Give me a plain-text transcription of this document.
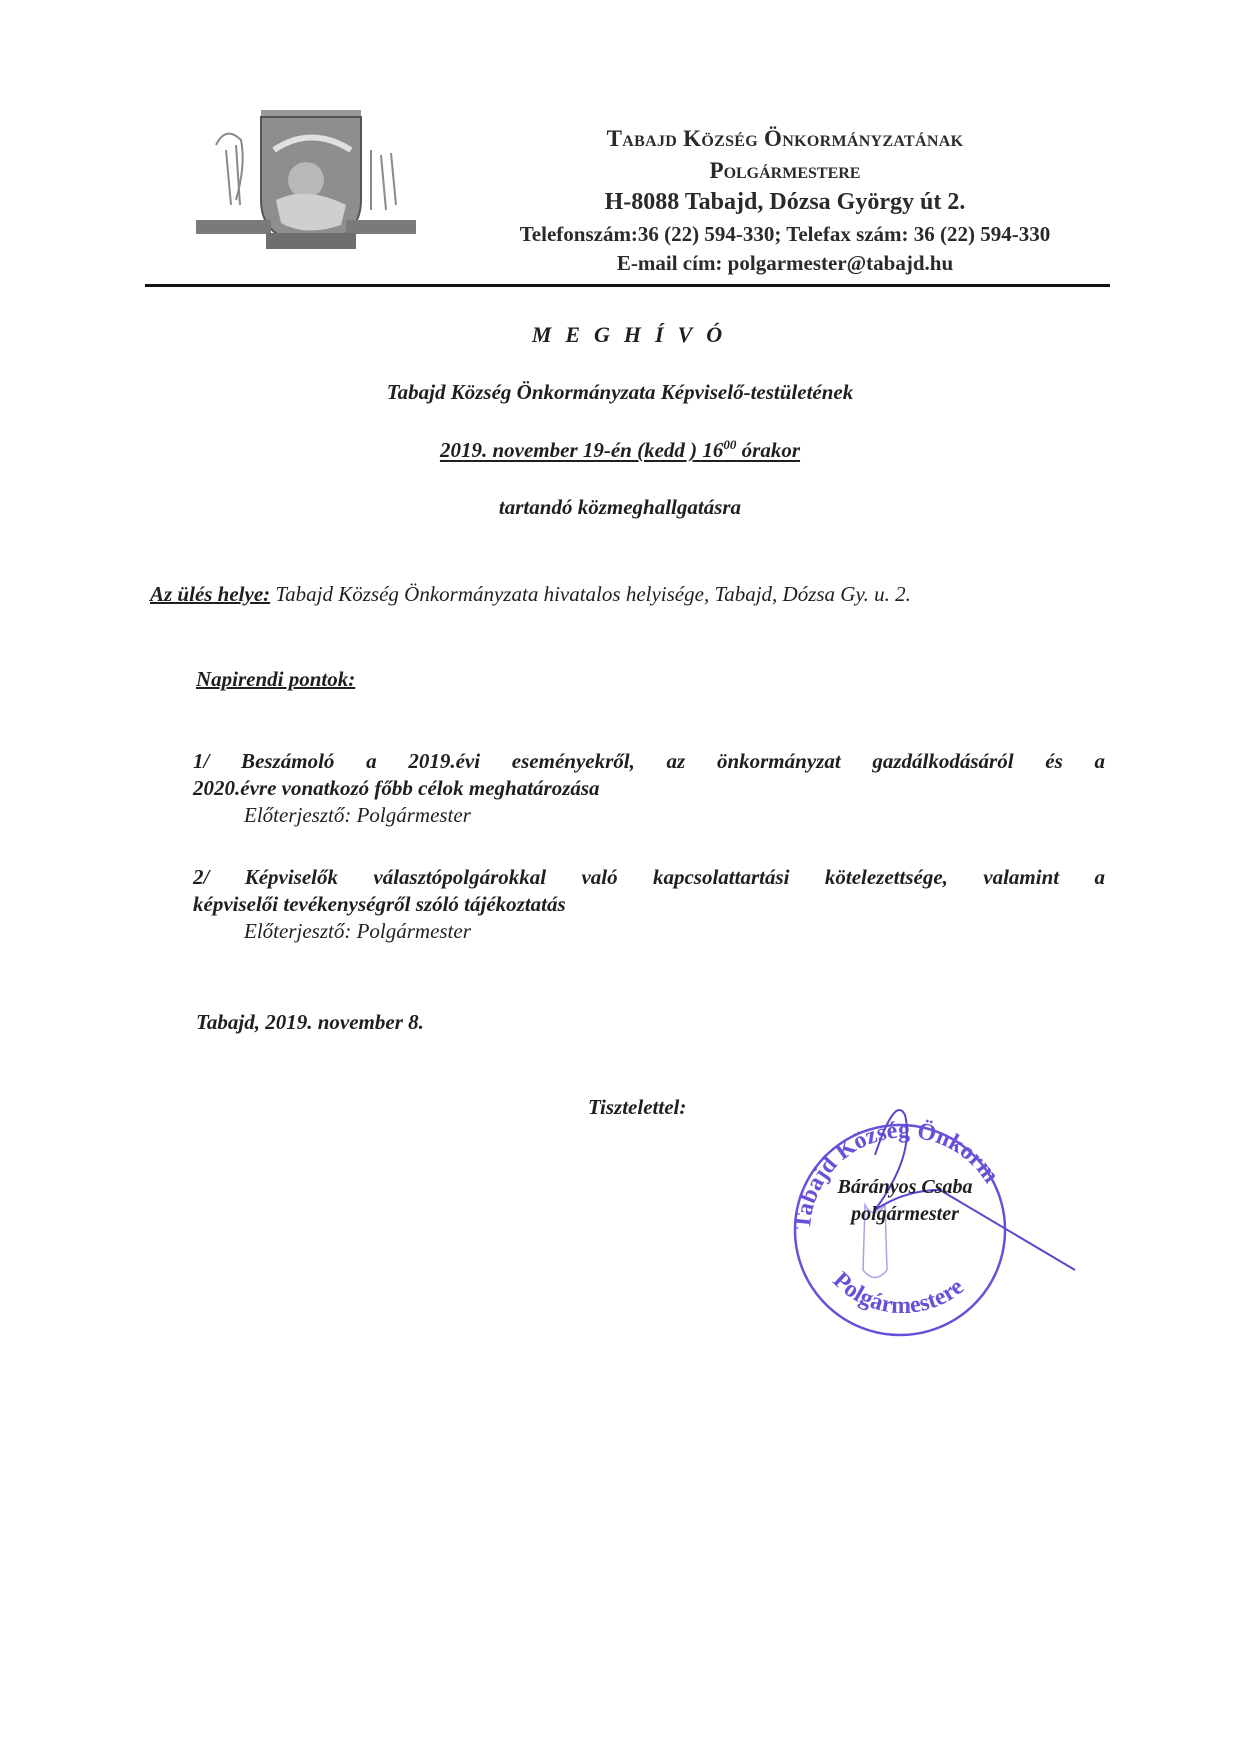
Tabajd Község Önkormányzatának
Polgármestere
H-8088 Tabajd, Dózsa György út 2.
Telefonszám:36 (22) 594-330; Telefax szám: 36 (22) 594-330
E-mail cím: polgarmester@tabajd.hu
MEGHÍVÓ
Tabajd Község Önkormányzata Képviselő-testületének
2019. november 19-én (kedd ) $16^{00}$ órakor
tartandó közmeghallgatásra
Az ülés helye: Tabajd Község Önkormányzata hivatalos helyisége, Tabajd, Dózsa Gy. u. 2.
Napirendi pontok:
1/ Beszámoló a 2019.évi eseményekről, az önkormányzat gazdálkodásáról és a
2020.évre vonatkozó főbb célok meghatározása
Előterjesztő: Polgármester
2/ Képviselők választópolgárokkal való kapcsolattartási kötelezettsége, valamint a
képviselői tevékenységről szóló tájékoztatás
Előterjesztő: Polgármester
Tabajd, 2019. november 8.
Tisztelettel:
Tabajd Község Önkorm
Polgármestere
Bárányos Csaba
polgármester
